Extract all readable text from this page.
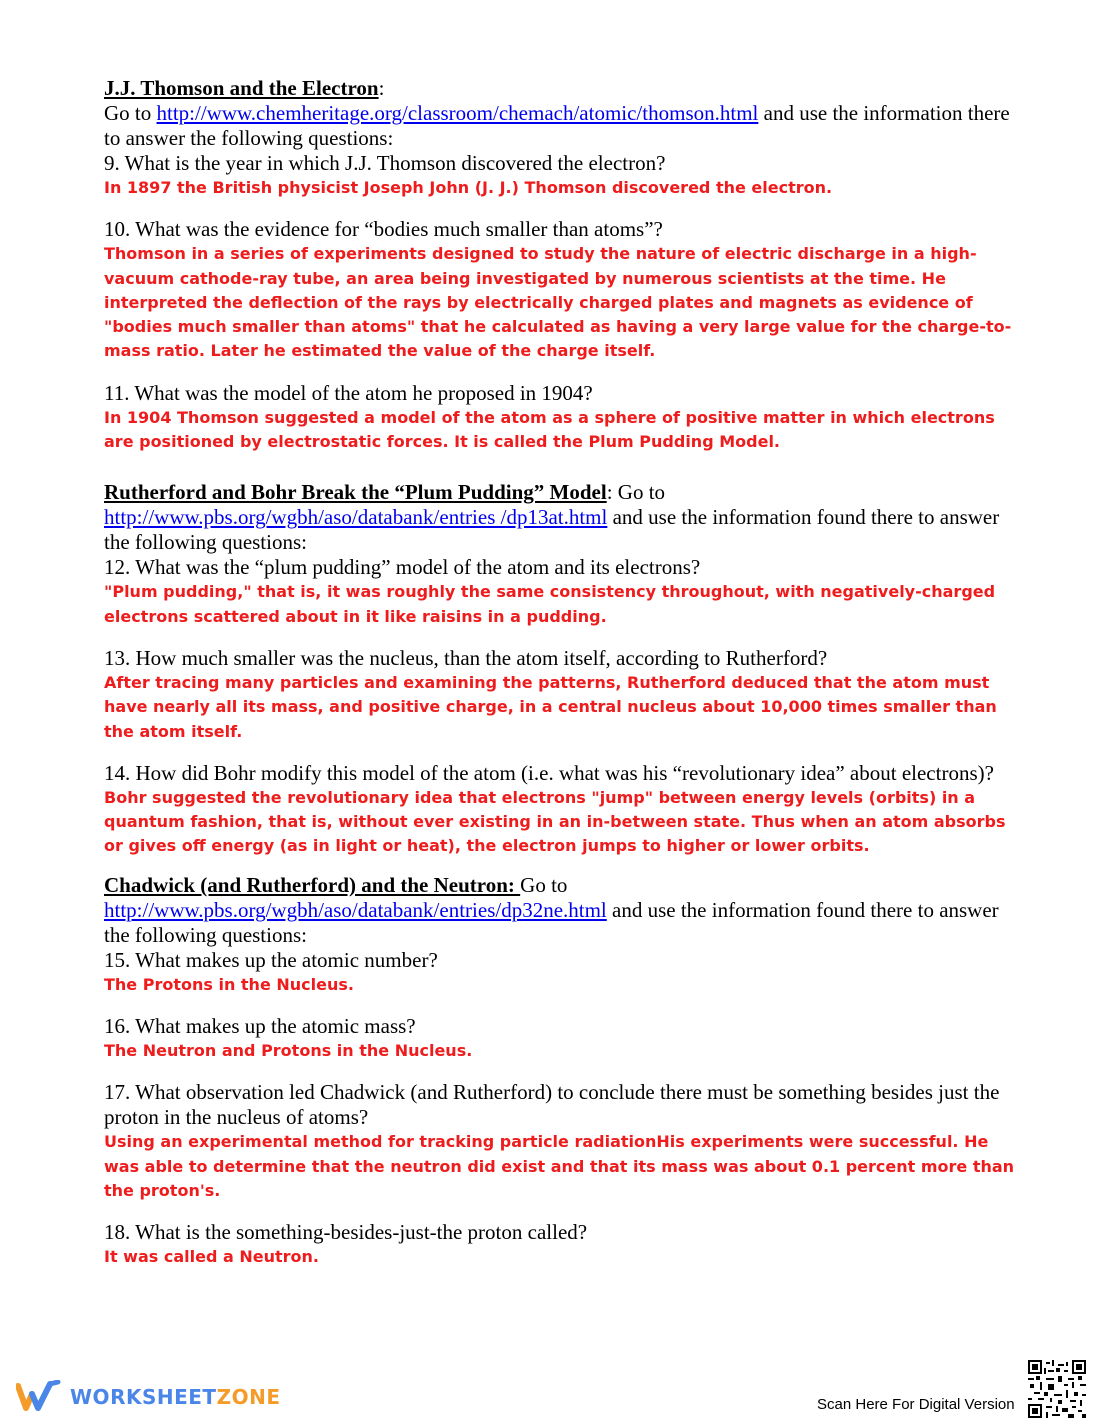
J.J. Thomson and the Electron:
Go to http://www.chemheritage.org/classroom/chemach/atomic/thomson.html and use the information there to answer the following questions:
9. What is the year in which J.J. Thomson discovered the electron?
In 1897 the British physicist Joseph John (J. J.) Thomson discovered the electron.
10. What was the evidence for “bodies much smaller than atoms”?
Thomson in a series of experiments designed to study the nature of electric discharge in a high-vacuum cathode-ray tube, an area being investigated by numerous scientists at the time. He interpreted the deflection of the rays by electrically charged plates and magnets as evidence of "bodies much smaller than atoms" that he calculated as having a very large value for the charge-to-mass ratio. Later he estimated the value of the charge itself.
11. What was the model of the atom he proposed in 1904?
In 1904 Thomson suggested a model of the atom as a sphere of positive matter in which electrons are positioned by electrostatic forces. It is called the Plum Pudding Model.
Rutherford and Bohr Break the “Plum Pudding” Model: Go to
http://www.pbs.org/wgbh/aso/databank/entries /dp13at.html and use the information found there to answer the following questions:
12. What was the “plum pudding” model of the atom and its electrons?
"Plum pudding," that is, it was roughly the same consistency throughout, with negatively-charged electrons scattered about in it like raisins in a pudding.
13. How much smaller was the nucleus, than the atom itself, according to Rutherford?
After tracing many particles and examining the patterns, Rutherford deduced that the atom must have nearly all its mass, and positive charge, in a central nucleus about 10,000 times smaller than the atom itself.
14. How did Bohr modify this model of the atom (i.e. what was his “revolutionary idea” about electrons)?
Bohr suggested the revolutionary idea that electrons "jump" between energy levels (orbits) in a quantum fashion, that is, without ever existing in an in-between state. Thus when an atom absorbs or gives off energy (as in light or heat), the electron jumps to higher or lower orbits.
Chadwick (and Rutherford) and the Neutron: Go to
http://www.pbs.org/wgbh/aso/databank/entries/dp32ne.html and use the information found there to answer the following questions:
15. What makes up the atomic number?
The Protons in the Nucleus.
16. What makes up the atomic mass?
The Neutron and Protons in the Nucleus.
17. What observation led Chadwick (and Rutherford) to conclude there must be something besides just the proton in the nucleus of atoms?
Using an experimental method for tracking particle radiationHis experiments were successful. He was able to determine that the neutron did exist and that its mass was about 0.1 percent more than the proton's.
18. What is the something-besides-just-the proton called?
It was called a Neutron.
WORKSHEETZONE	Scan Here For Digital Version
